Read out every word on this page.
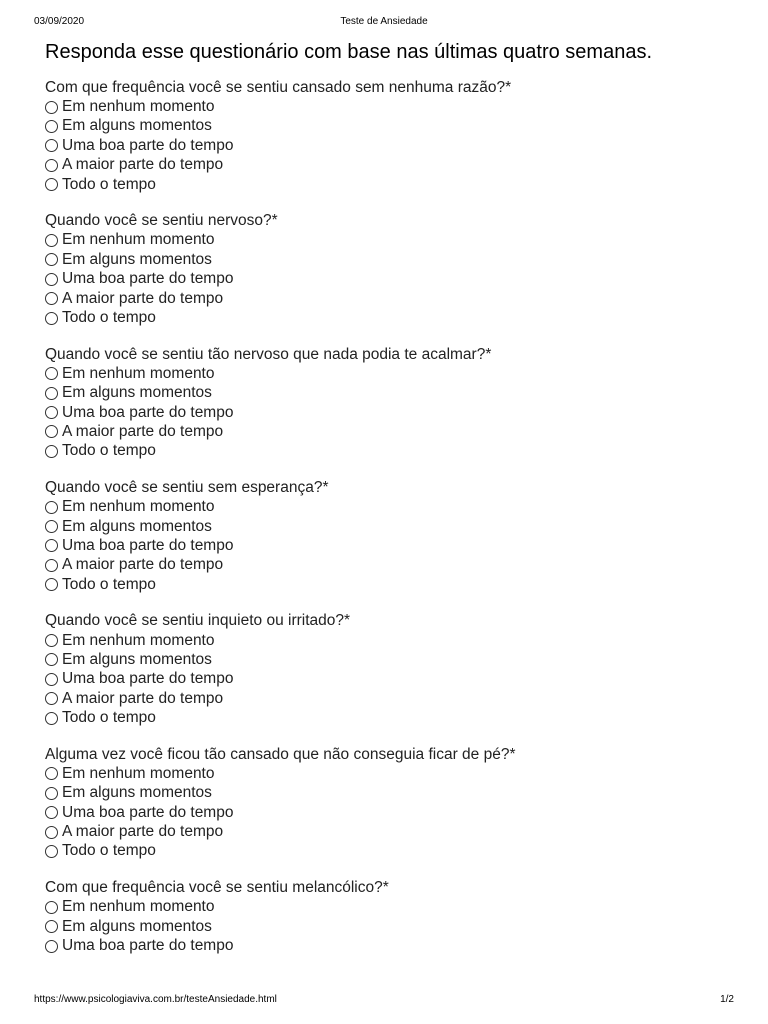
03/09/2020	Teste de Ansiedade
Responda esse questionário com base nas últimas quatro semanas.
Com que frequência você se sentiu cansado sem nenhuma razão?*
Em nenhum momento
Em alguns momentos
Uma boa parte do tempo
A maior parte do tempo
Todo o tempo
Quando você se sentiu nervoso?*
Em nenhum momento
Em alguns momentos
Uma boa parte do tempo
A maior parte do tempo
Todo o tempo
Quando você se sentiu tão nervoso que nada podia te acalmar?*
Em nenhum momento
Em alguns momentos
Uma boa parte do tempo
A maior parte do tempo
Todo o tempo
Quando você se sentiu sem esperança?*
Em nenhum momento
Em alguns momentos
Uma boa parte do tempo
A maior parte do tempo
Todo o tempo
Quando você se sentiu inquieto ou irritado?*
Em nenhum momento
Em alguns momentos
Uma boa parte do tempo
A maior parte do tempo
Todo o tempo
Alguma vez você ficou tão cansado que não conseguia ficar de pé?*
Em nenhum momento
Em alguns momentos
Uma boa parte do tempo
A maior parte do tempo
Todo o tempo
Com que frequência você se sentiu melancólico?*
Em nenhum momento
Em alguns momentos
Uma boa parte do tempo
https://www.psicologiaviva.com.br/testeAnsiedade.html	1/2
